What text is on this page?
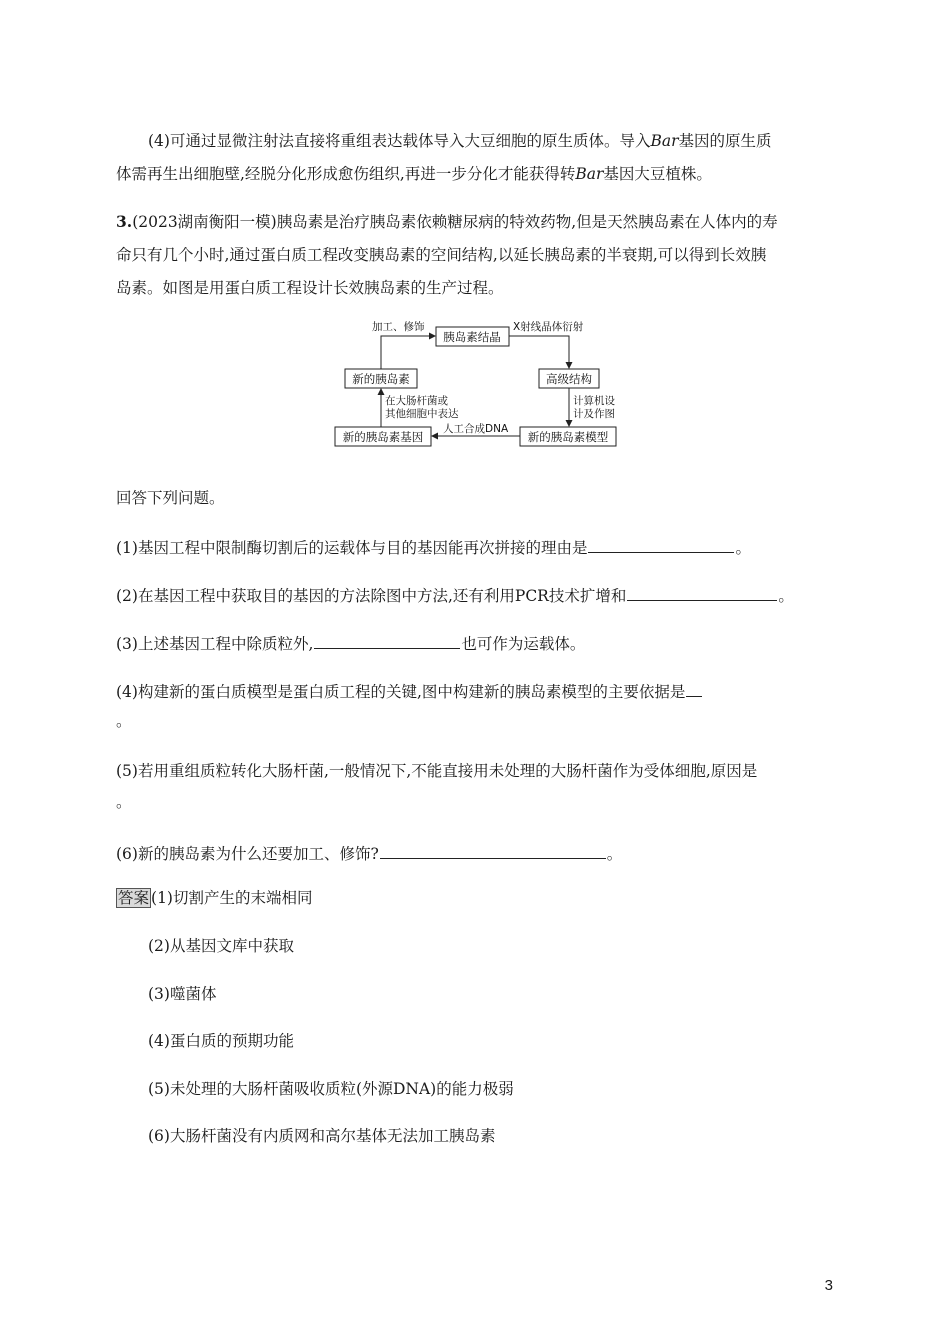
(4)可通过显微注射法直接将重组表达载体导入大豆细胞的原生质体。导入Bar基因的原生质
体需再生出细胞壁,经脱分化形成愈伤组织,再进一步分化才能获得转Bar基因大豆植株。
3.(2023湖南衡阳一模)胰岛素是治疗胰岛素依赖糖尿病的特效药物,但是天然胰岛素在人体内的寿
命只有几个小时,通过蛋白质工程改变胰岛素的空间结构,以延长胰岛素的半衰期,可以得到长效胰
岛素。如图是用蛋白质工程设计长效胰岛素的生产过程。
胰岛素结晶
高级结构
新的胰岛素
新的胰岛素模型
新的胰岛素基因
X射线晶体衍射
计算机设
计及作图
人工合成DNA
在大肠杆菌或
其他细胞中表达
加工、修饰
回答下列问题。
(1)基因工程中限制酶切割后的运载体与目的基因能再次拼接的理由是	。
(2)在基因工程中获取目的基因的方法除图中方法,还有利用PCR技术扩增和	。
(3)上述基因工程中除质粒外,	也可作为运载体。
(4)构建新的蛋白质模型是蛋白质工程的关键,图中构建新的胰岛素模型的主要依据是
。
(5)若用重组质粒转化大肠杆菌,一般情况下,不能直接用未处理的大肠杆菌作为受体细胞,原因是
。
(6)新的胰岛素为什么还要加工、修饰?	。
答案 (1)切割产生的末端相同
(2)从基因文库中获取
(3)噬菌体
(4)蛋白质的预期功能
(5)未处理的大肠杆菌吸收质粒(外源DNA)的能力极弱
(6)大肠杆菌没有内质网和高尔基体无法加工胰岛素
3
